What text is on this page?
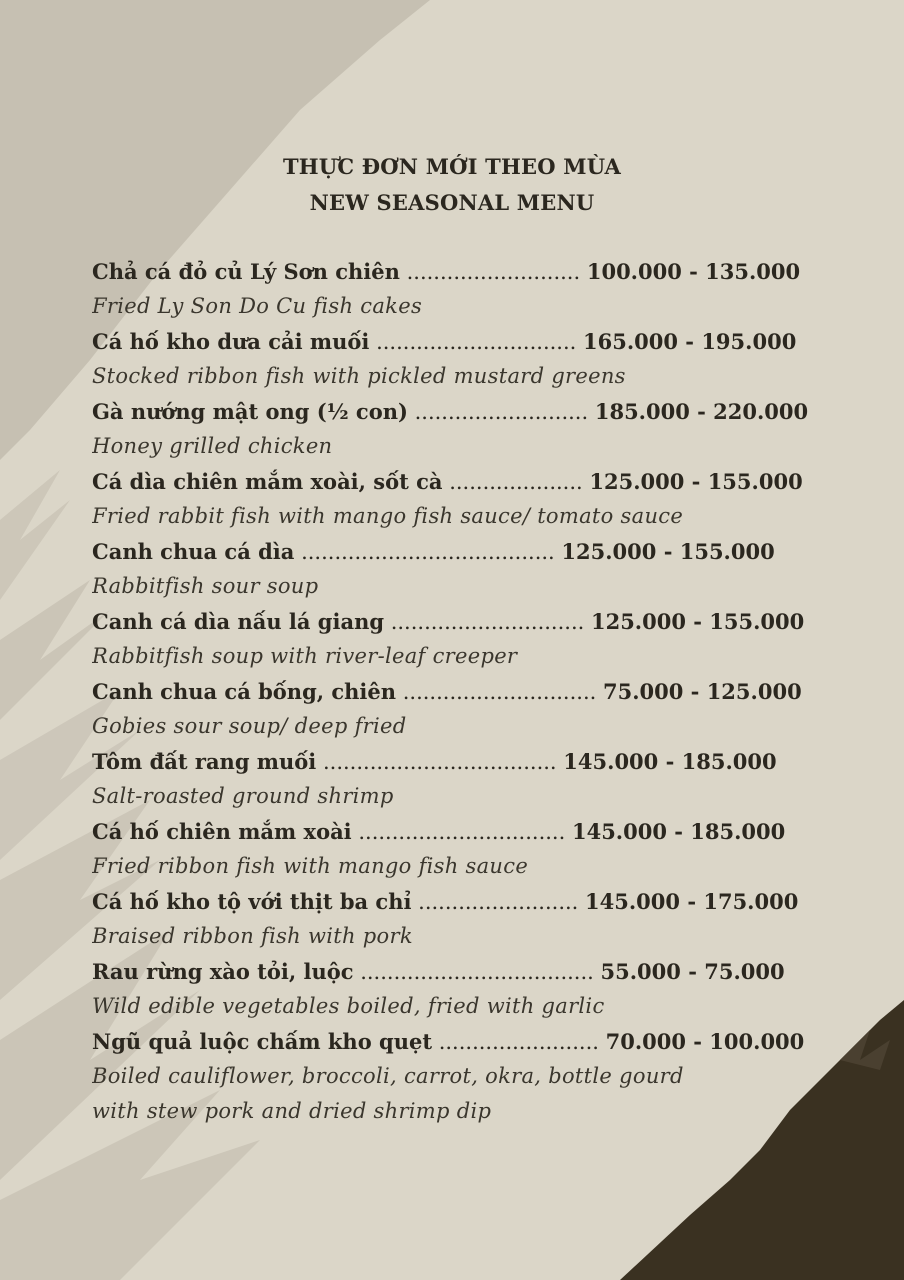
THỰC ĐƠN MỚI THEO MÙA
NEW SEASONAL MENU
Chả cá đỏ củ Lý Sơn chiên .......................... 100.000 - 135.000
Fried Ly Son Do Cu fish cakes
Cá hố kho dưa cải muối .............................. 165.000 - 195.000
Stocked ribbon fish with pickled mustard greens
Gà nướng mật ong (½ con) .......................... 185.000 - 220.000
Honey grilled chicken
Cá dìa chiên mắm xoài, sốt cà .................... 125.000 - 155.000
Fried rabbit fish with mango fish sauce/ tomato sauce
Canh chua cá dìa ...................................... 125.000 - 155.000
Rabbitfish sour soup
Canh cá dìa nấu lá giang ............................. 125.000 - 155.000
Rabbitfish soup with river-leaf creeper
Canh chua cá bống, chiên ............................. 75.000 - 125.000
Gobies sour soup/ deep fried
Tôm đất rang muối ................................... 145.000 - 185.000
Salt-roasted ground shrimp
Cá hố chiên mắm xoài ............................... 145.000 - 185.000
Fried ribbon fish with mango fish sauce
Cá hố kho tộ với thịt ba chỉ ........................ 145.000 - 175.000
Braised ribbon fish with pork
Rau rừng xào tỏi, luộc ................................... 55.000 - 75.000
Wild edible vegetables boiled, fried with garlic
Ngũ quả luộc chấm kho quẹt ........................ 70.000 - 100.000
Boiled cauliflower, broccoli, carrot, okra, bottle gourd
with stew pork and dried shrimp dip
